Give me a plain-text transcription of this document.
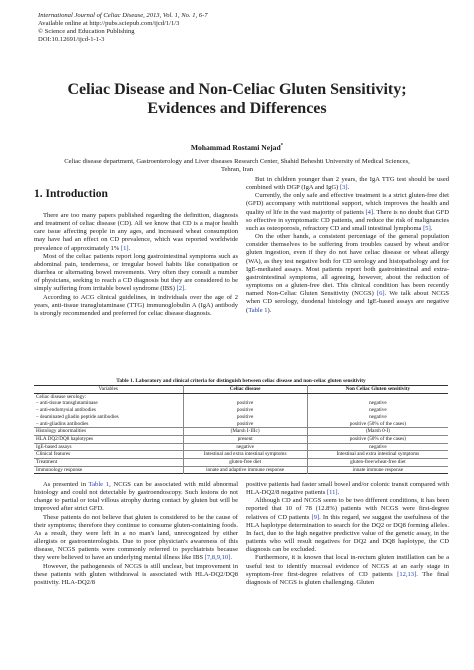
International Journal of Celiac Disease, 2013, Vol. 1, No. 1, 6-7
Available online at http://pubs.sciepub.com/ijcd/1/1/3
© Science and Education Publishing
DOI:10.12691/ijcd-1-1-3
Celiac Disease and Non-Celiac Gluten Sensitivity;
Evidences and Differences
Mohammad Rostami Nejad*
Celiac disease department, Gastroenterology and Liver diseases Research Center, Shahid Beheshti University of Medical Sciences,
Tehran, Iran
1. Introduction

There are too many papers published regarding the definition, diagnosis and treatment of celiac disease (CD). All we know that CD is a major health care issue affecting people in any ages, and increased wheat consumption may have had an effect on CD prevalence, which was reported worldwide prevalence of approximately 1% [1].

Most of the celiac patients report long gastrointestinal symptoms such as abdominal pain, tenderness, or irregular bowel habits like constipation or diarrhea or alternating bowel movements. Very often they consult a number of physicians, seeking to reach a CD diagnosis but they are considered to be simply suffering from irritable bowel syndrome (IBS) [2].

According to ACG clinical guidelines, in individuals over the age of 2 years, anti-tissue transglutaminase (TTG) immunoglobulin A (IgA) antibody is strongly recommended and preferred for celiac disease diagnosis.

But in children younger than 2 years, the IgA TTG test should be used combined with DGP (IgA and IgG) [3].

Currently, the only safe and effective treatment is a strict gluten-free diet (GFD) accompany with nutritional support, which improves the health and quality of life in the vast majority of patients [4]. There is no doubt that GFD so effective in symptomatic CD patients, and reduce the risk of malignancies such as osteoporosis, refractory CD and small intestinal lymphoma [5].

On the other hands, a consistent percentage of the general population consider themselves to be suffering from troubles caused by wheat and/or gluten ingestion, even if they do not have celiac disease or wheat allergy (WA), as they test negative both for CD serology and histopathology and for IgE-mediated assays. Most patients report both gastrointestinal and extra-gastrointestinal symptoms, all agreeing, however, about the reduction of symptoms on a gluten-free diet. This clinical condition has been recently named Non-Celiac Gluten Sensitivity (NCGS) [6]. We talk about NCGS when CD serology, duodenal histology and IgE-based assays are negative (Table 1).

Table 1. Laboratory and clinical criteria for distinguish between celiac disease and non-celiac gluten sensitivity
Variables	Celiac disease	Non Celiac Gluten sensitivity
Celiac disease serology:		
– anti-tissue transglutaminase	positive	negative
– anti-endomysial antibodies	positive	negative
– deaminated gliadin peptide antibodies	positive	negative
– anti-gliadins antibodies	positive	positive (50% of the cases)
Histology abnormalities	(Marsh I-IIIc)	(Marsh 0-I)
HLA DQ2/DQ8 haplotypes	present	positive (50% of the cases)
IgE-based assays	negative	negative
Clinical features	Intestinal and extra intestinal symptoms	Intestinal and extra intestinal symptoms
Treatment	gluten-free diet	gluten-free/wheat-free diet
Immunology response	innate and adaptive immune response	innate immune response

As presented in Table 1, NCGS can be associated with mild abnormal histology and could not detectable by gastroendoscopy. Such lesions do not change to partial or total villous atrophy during contact by gluten but will be improved after strict GFD.

These patients do not believe that gluten is considered to be the cause of their symptoms; therefore they continue to consume gluten-containing foods. As a result, they were left in a no man's land, unrecognized by either allergists or gastroenterologists. Due to poor physician's awareness of this disease, NCGS patients were commonly referred to psychiatrists because they were believed to have an underlying mental illness like IBS [7,8,9,10].

However, the pathogenesis of NCGS is still unclear, but improvement in these patients with gluten withdrawal is associated with HLA-DQ2/DQ8 positivity. HLA-DQ2/8

positive patients had faster small bowel and/or colonic transit compared with HLA-DQ2/8 negative patients [11].

Although CD and NCGS seem to be two different conditions, it has been reported that 10 of 78 (12.8%) patients with NCGS were first-degree relatives of CD patients [9]. In this regard, we suggest the usefulness of the HLA haplotype determination to search for the DQ2 or DQ8 forming alleles. In fact, due to the high negative predictive value of the genetic assay, in the patients who will result negatives for DQ2 and DQ8 haplotype, the CD diagnosis can be excluded.

Furthermore, it is known that local in-rectum gluten instillation can be a useful test to identify mucosal evidence of NCGS at an early stage in symptom-free first-degree relatives of CD patients [12,13]. The final diagnosis of NCGS is gluten challenging. Gluten
